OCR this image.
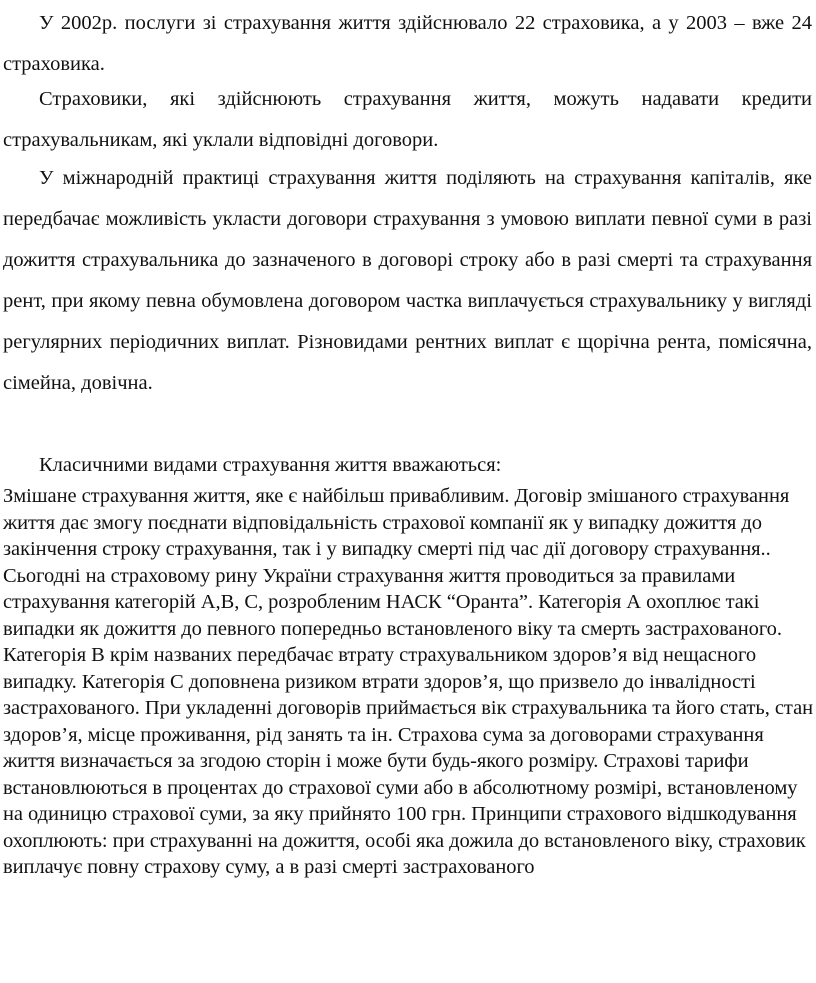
У 2002р. послуги зі страхування життя здійснювало 22 страховика, а у 2003 – вже 24 страховика.

Страховики, які здійснюють страхування життя, можуть надавати кредити страхувальникам, які уклали відповідні договори.

У міжнародній практиці страхування життя поділяють на страхування капіталів, яке передбачає можливість укласти договори страхування з умовою виплати певної суми в разі дожиття страхувальника до зазначеного в договорі строку або в разі смерті та страхування рент, при якому певна обумовлена договором частка виплачується страхувальнику у вигляді регулярних періодичних виплат. Різновидами рентних виплат є щорічна рента, помісячна, сімейна, довічна.

Класичними видами страхування життя вважаються:

Змішане страхування життя, яке є найбільш привабливим. Договір змішаного страхування життя дає змогу поєднати відповідальність страхової компанії як у випадку дожиття до закінчення строку страхування, так і у випадку смерті під час дії договору страхування.. Сьогодні на страховому рину України страхування життя проводиться за правилами страхування категорій А,В, С, розробленим НАСК “Оранта”. Категорія А охоплює такі випадки як дожиття до певного попередньо встановленого віку та смерть застрахованого. Категорія В крім названих передбачає втрату страхувальником здоров’я від нещасного випадку. Категорія С доповнена ризиком втрати здоров’я, що призвело до інвалідності застрахованого. При укладенні договорів приймається вік страхувальника та його стать, стан здоров’я, місце проживання, рід занять та ін. Страхова сума за договорами страхування життя визначається за згодою сторін і може бути будь-якого розміру. Страхові тарифи встановлюються в процентах до страхової суми або в абсолютному розмірі, встановленому на одиницю страхової суми, за яку прийнято 100 грн. Принципи страхового відшкодування охоплюють: при страхуванні на дожиття, особі яка дожила до встановленого віку, страховик виплачує повну страхову суму, а в разі смерті застрахованого
